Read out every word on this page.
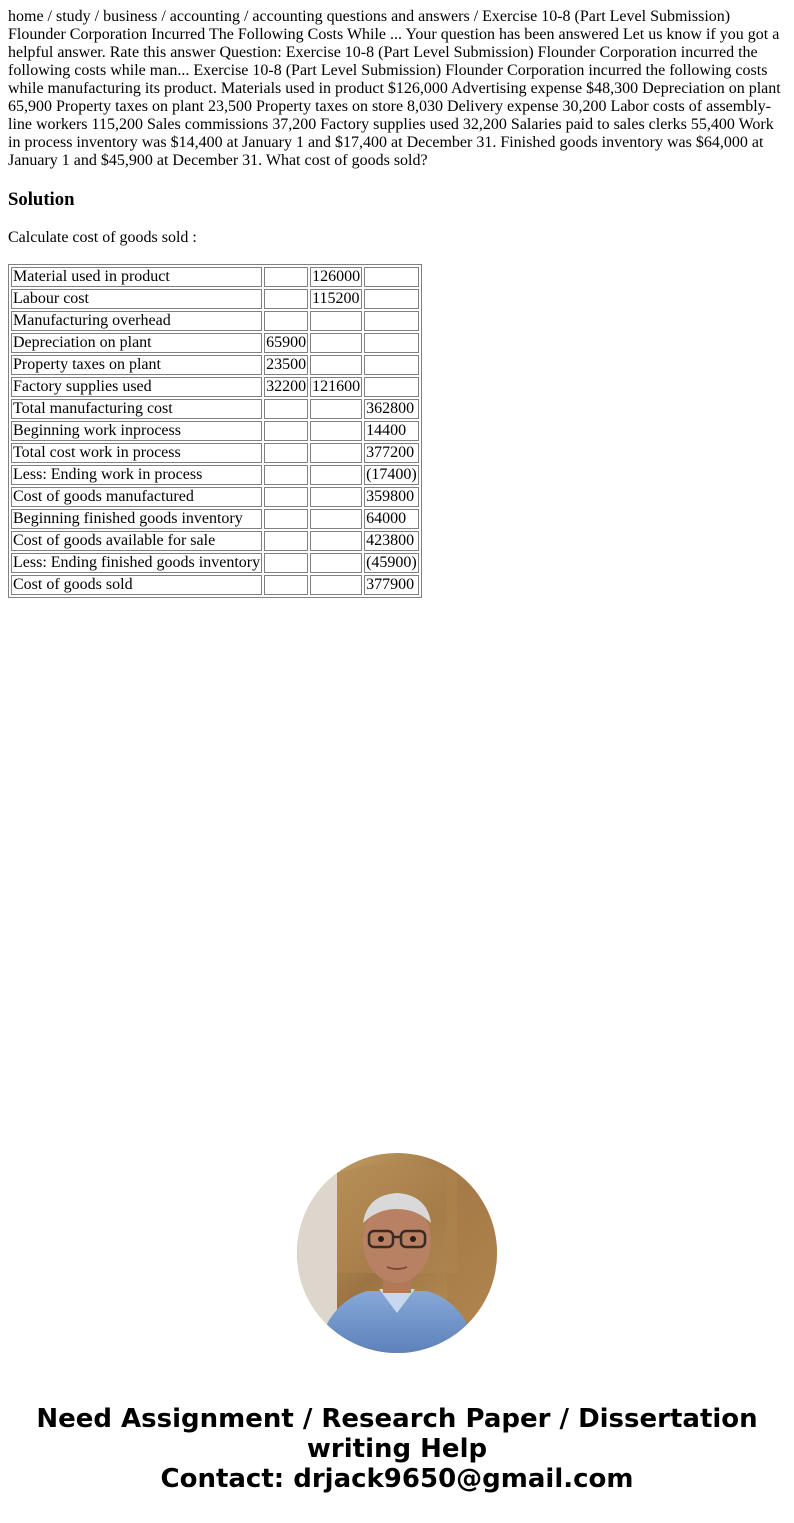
home / study / business / accounting / accounting questions and answers / Exercise 10-8 (Part Level Submission) Flounder Corporation Incurred The Following Costs While ... Your question has been answered Let us know if you got a helpful answer. Rate this answer Question: Exercise 10-8 (Part Level Submission) Flounder Corporation incurred the following costs while man... Exercise 10-8 (Part Level Submission) Flounder Corporation incurred the following costs while manufacturing its product. Materials used in product $126,000 Advertising expense $48,300 Depreciation on plant 65,900 Property taxes on plant 23,500 Property taxes on store 8,030 Delivery expense 30,200 Labor costs of assembly-line workers 115,200 Sales commissions 37,200 Factory supplies used 32,200 Salaries paid to sales clerks 55,400 Work in process inventory was $14,400 at January 1 and $17,400 at December 31. Finished goods inventory was $64,000 at January 1 and $45,900 at December 31. What cost of goods sold?

Solution

Calculate cost of goods sold :

Material used in product		126000	
Labour cost		115200	
Manufacturing overhead			
Depreciation on plant	65900		
Property taxes on plant	23500		
Factory supplies used	32200	121600	
Total manufacturing cost			362800
Beginning work inprocess			14400
Total cost work in process			377200
Less: Ending work in process			(17400)
Cost of goods manufactured			359800
Beginning finished goods inventory			64000
Cost of goods available for sale			423800
Less: Ending finished goods inventory			(45900)
Cost of goods sold			377900
Need Assignment / Research Paper / Dissertation
writing Help
Contact: drjack9650@gmail.com
